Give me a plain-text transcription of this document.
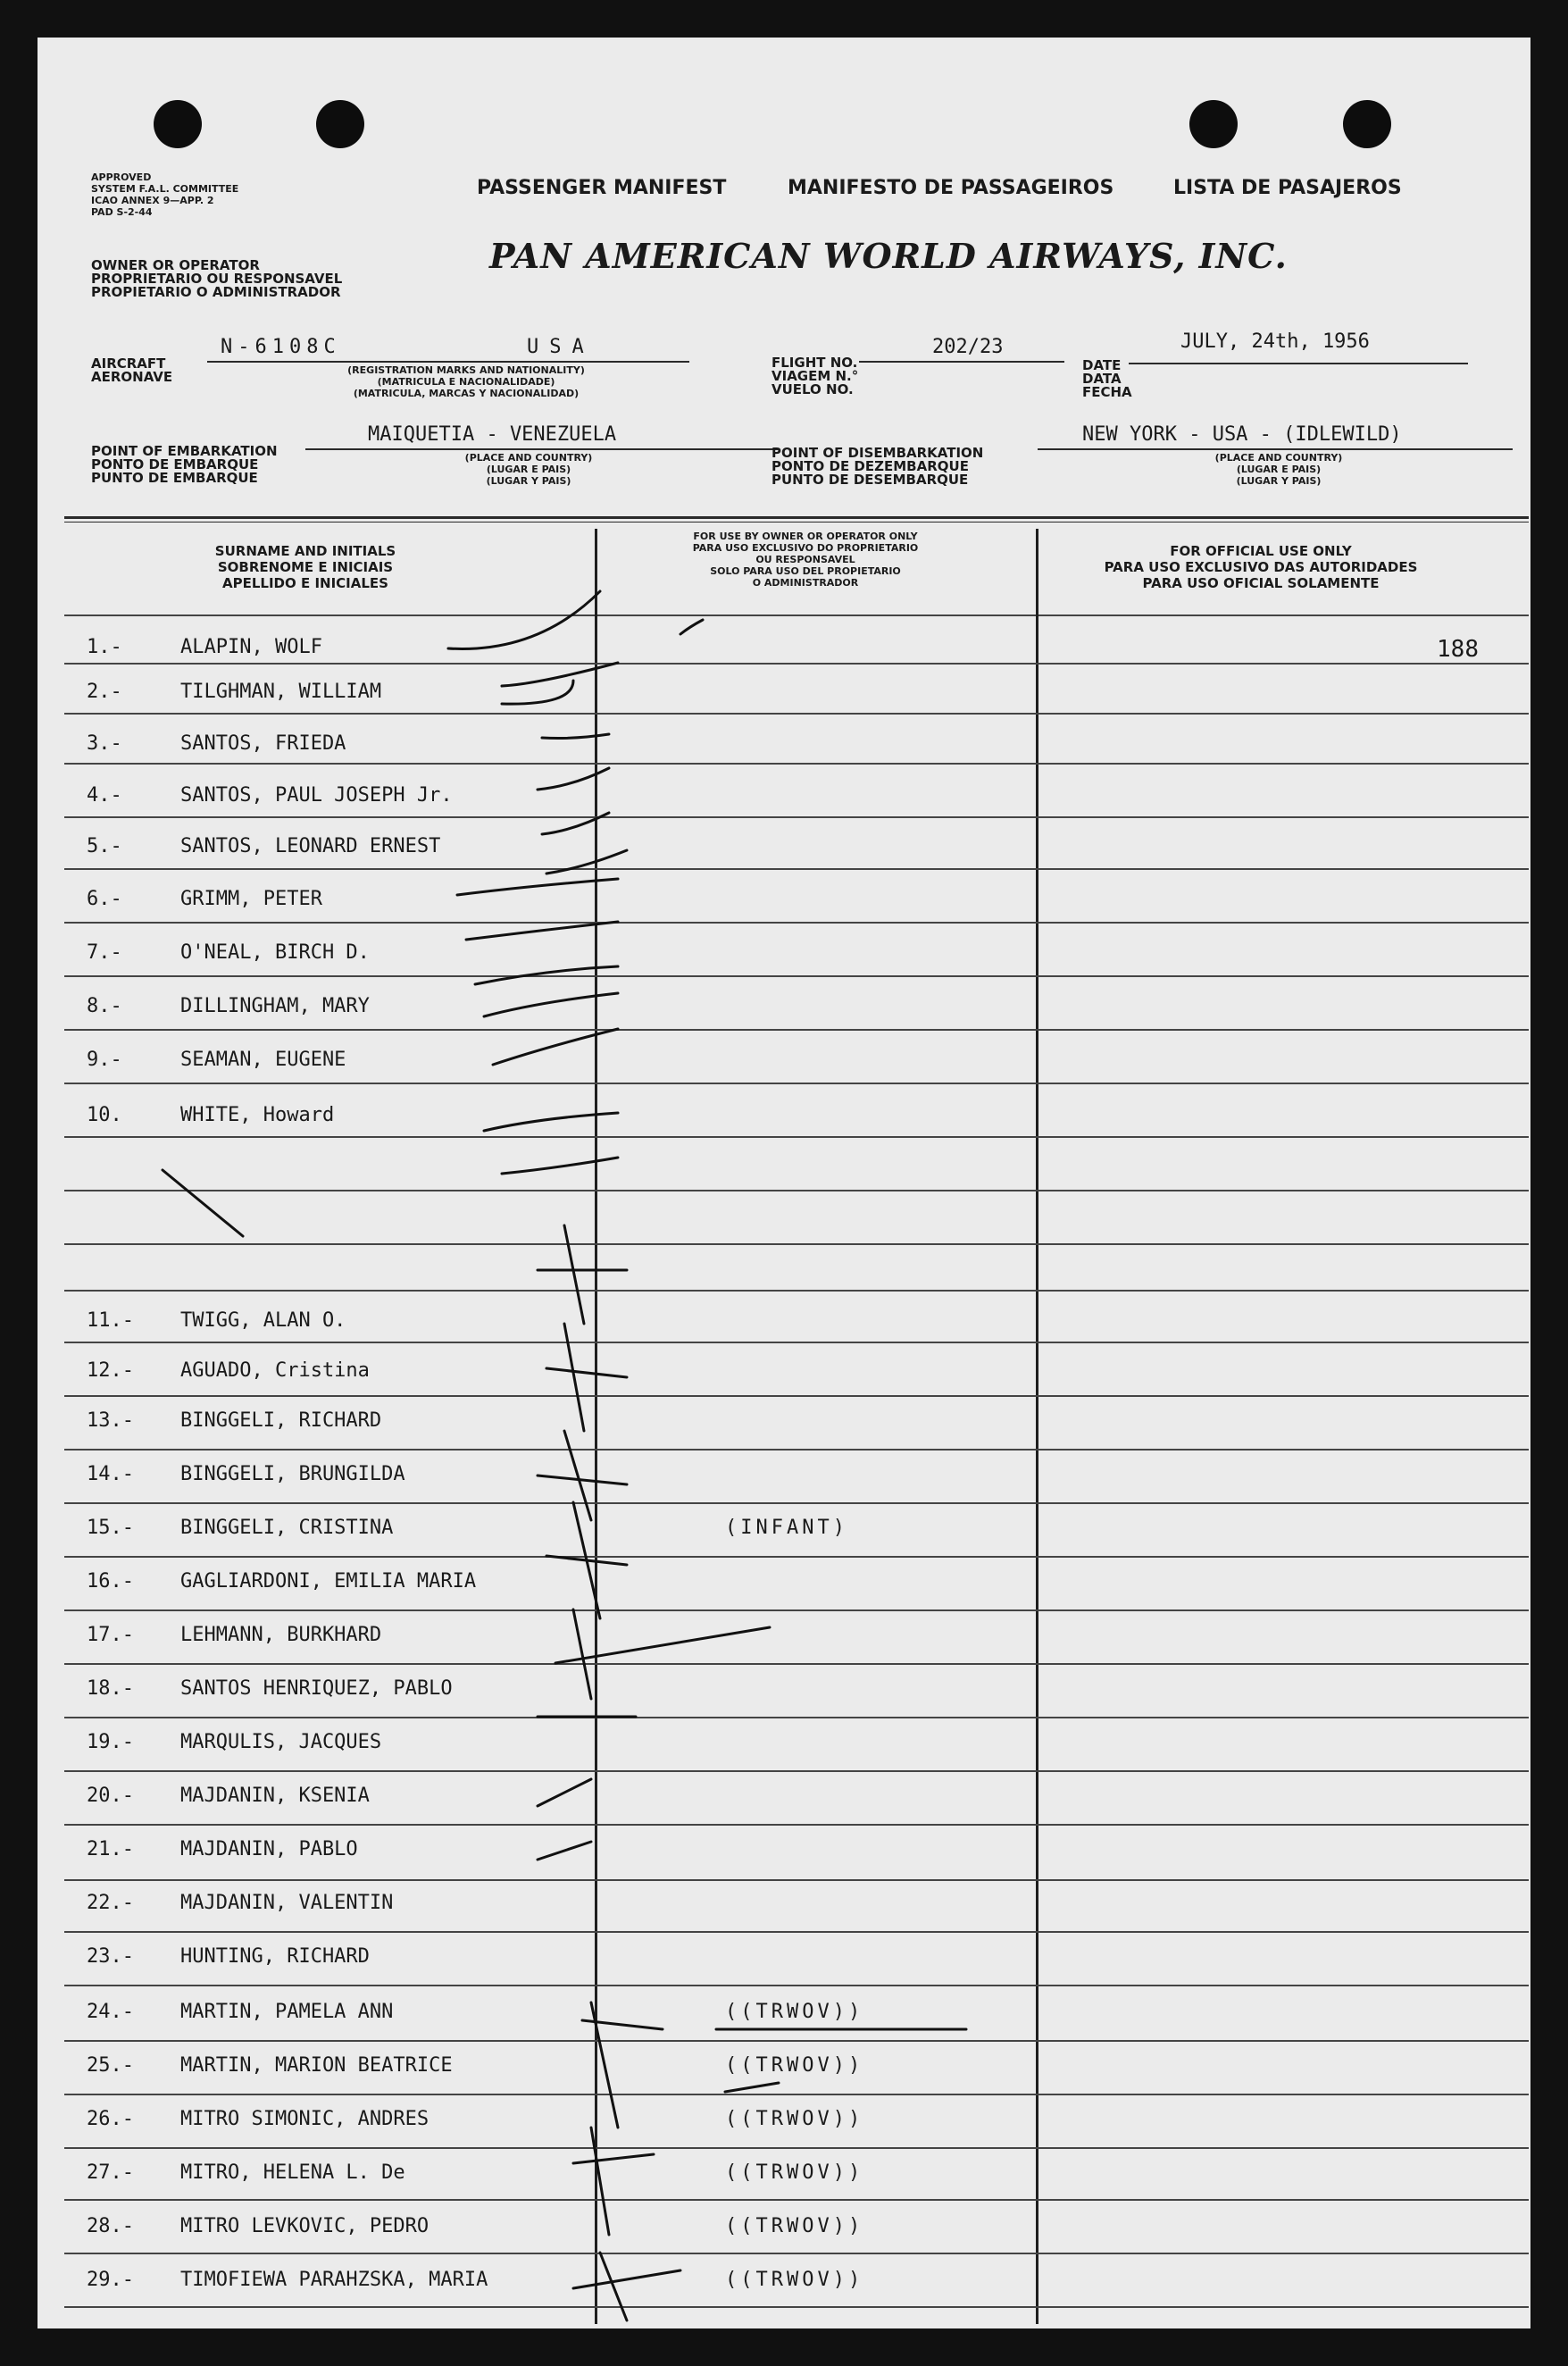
APPROVED
SYSTEM F.A.L. COMMITTEE
ICAO ANNEX 9—APP. 2
PAD S-2-44
OWNER OR OPERATOR
PROPRIETARIO OU RESPONSAVEL
PROPIETARIO O ADMINISTRADOR
PASSENGER MANIFEST	MANIFESTO DE PASSAGEIROS	LISTA DE PASAJEROS
PAN AMERICAN WORLD AIRWAYS, INC.
AIRCRAFT
AERONAVE
N-6108C	USA
(REGISTRATION MARKS AND NATIONALITY)
(MATRICULA E NACIONALIDADE)
(MATRICULA, MARCAS Y NACIONALIDAD)
FLIGHT NO.
VIAGEM N.°
VUELO NO.
202/23
DATE
DATA
FECHA
JULY, 24th, 1956
POINT OF EMBARKATION
PONTO DE EMBARQUE
PUNTO DE EMBARQUE
MAIQUETIA - VENEZUELA
(PLACE AND COUNTRY)
(LUGAR E PAIS)
(LUGAR Y PAIS)
POINT OF DISEMBARKATION
PONTO DE DEZEMBARQUE
PUNTO DE DESEMBARQUE
NEW YORK - USA - (IDLEWILD)
(PLACE AND COUNTRY)
(LUGAR E PAIS)
(LUGAR Y PAIS)
SURNAME AND INITIALS
SOBRENOME E INICIAIS
APELLIDO E INICIALES
FOR USE BY OWNER OR OPERATOR ONLY
PARA USO EXCLUSIVO DO PROPRIETARIO
OU RESPONSAVEL
SOLO PARA USO DEL PROPIETARIO
O ADMINISTRADOR
FOR OFFICIAL USE ONLY
PARA USO EXCLUSIVO DAS AUTORIDADES
PARA USO OFICIAL SOLAMENTE
1.-	ALAPIN, WOLF	188
2.-	TILGHMAN, WILLIAM
3.-	SANTOS, FRIEDA
4.-	SANTOS, PAUL JOSEPH Jr.
5.-	SANTOS, LEONARD ERNEST
6.-	GRIMM, PETER
7.-	O'NEAL, BIRCH D.
8.-	DILLINGHAM, MARY
9.-	SEAMAN, EUGENE
10.	WHITE, Howard
11.-	TWIGG, ALAN O.
12.-	AGUADO, Cristina
13.-	BINGGELI, RICHARD
14.-	BINGGELI, BRUNGILDA
15.-	BINGGELI, CRISTINA	(INFANT)
16.-	GAGLIARDONI, EMILIA MARIA
17.-	LEHMANN, BURKHARD
18.-	SANTOS HENRIQUEZ, PABLO
19.-	MARQULIS, JACQUES
20.-	MAJDANIN, KSENIA
21.-	MAJDANIN, PABLO
22.-	MAJDANIN, VALENTIN
23.-	HUNTING, RICHARD
24.-	MARTIN, PAMELA ANN	((TRWOV))
25.-	MARTIN, MARION BEATRICE	((TRWOV))
26.-	MITRO SIMONIC, ANDRES	((TRWOV))
27.-	MITRO, HELENA L. De	((TRWOV))
28.-	MITRO LEVKOVIC, PEDRO	((TRWOV))
29.-	TIMOFIEWA PARAHZSKA, MARIA	((TRWOV))
